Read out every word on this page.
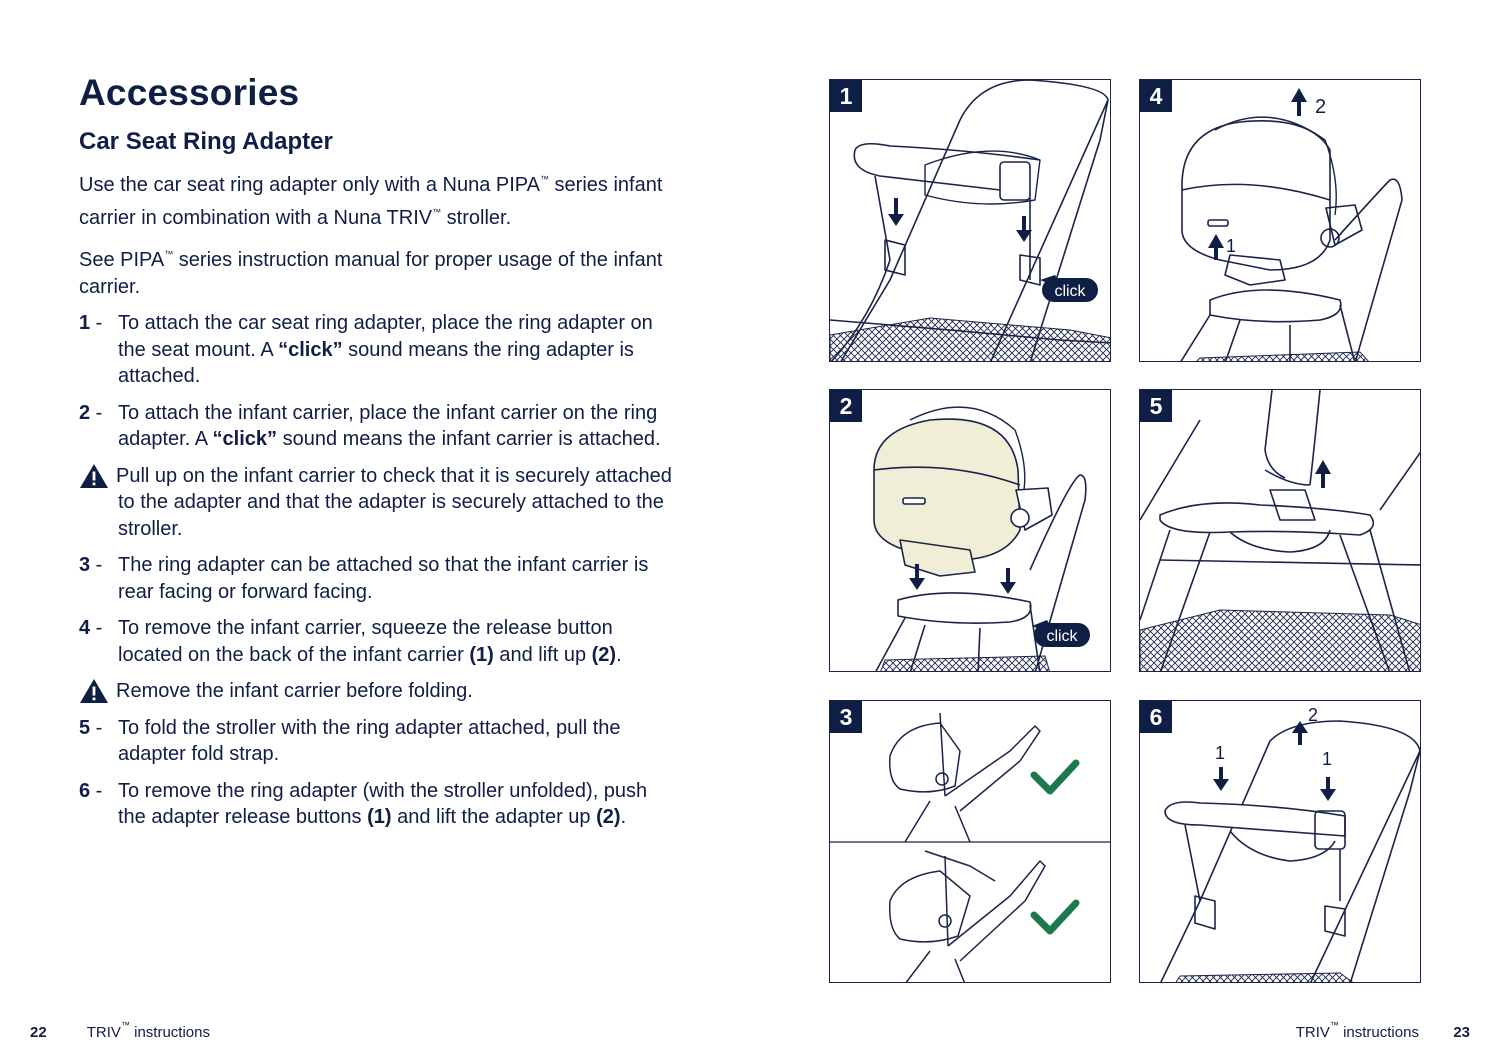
Accessories
Car Seat Ring Adapter

Use the car seat ring adapter only with a Nuna PIPA™ series infant carrier in combination with a Nuna TRIV™ stroller.

See PIPA™ series instruction manual for proper usage of the infant carrier.

1 - To attach the car seat ring adapter, place the ring adapter on the seat mount. A “click” sound means the ring adapter is attached.
2 - To attach the infant carrier, place the infant carrier on the ring adapter. A “click” sound means the infant carrier is attached.
Pull up on the infant carrier to check that it is securely attached to the adapter and that the adapter is securely attached to the stroller.
3 - The ring adapter can be attached so that the infant carrier is rear facing or forward facing.
4 - To remove the infant carrier, squeeze the release button located on the back of the infant carrier (1) and lift up (2).
Remove the infant carrier before folding.
5 - To fold the stroller with the ring adapter attached, pull the adapter fold strap.
6 - To remove the ring adapter (with the stroller unfolded), push the adapter release buttons (1) and lift the adapter up (2).
click
1	2
1
4
click
2	5
3
1	1
2
6
22	TRIV™ instructions	TRIV™ instructions 23
